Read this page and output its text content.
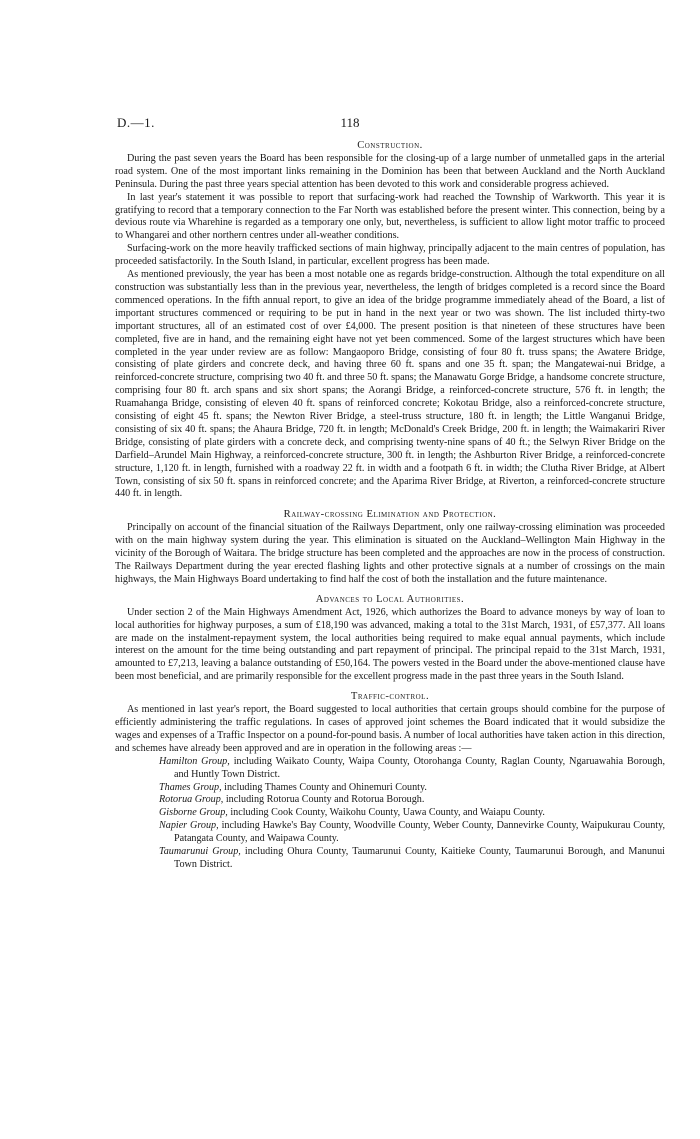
D.—1.	118
Construction.

During the past seven years the Board has been responsible for the closing-up of a large number of unmetalled gaps in the arterial road system. One of the most important links remaining in the Dominion has been that between Auckland and the North Auckland Peninsula. During the past three years special attention has been devoted to this work and considerable progress achieved.

In last year's statement it was possible to report that surfacing-work had reached the Township of Warkworth. This year it is gratifying to record that a temporary connection to the Far North was established before the present winter. This connection, being by a devious route via Wharehine is regarded as a temporary one only, but, nevertheless, is sufficient to allow light motor traffic to proceed to Whangarei and other northern centres under all-weather conditions.

Surfacing-work on the more heavily trafficked sections of main highway, principally adjacent to the main centres of population, has proceeded satisfactorily. In the South Island, in particular, excellent progress has been made.

As mentioned previously, the year has been a most notable one as regards bridge-construction. Although the total expenditure on all construction was substantially less than in the previous year, nevertheless, the length of bridges completed is a record since the Board commenced operations. In the fifth annual report, to give an idea of the bridge programme immediately ahead of the Board, a list of important structures commenced or requiring to be put in hand in the next year or two was shown. The list included thirty-two important structures, all of an estimated cost of over £4,000. The present position is that nineteen of these structures have been completed, five are in hand, and the remaining eight have not yet been commenced. Some of the largest structures which have been completed in the year under review are as follow: Mangaoporo Bridge, consisting of four 80 ft. truss spans; the Awatere Bridge, consisting of plate girders and concrete deck, and having three 60 ft. spans and one 35 ft. span; the Mangatewai-nui Bridge, a reinforced-concrete structure, comprising two 40 ft. and three 50 ft. spans; the Manawatu Gorge Bridge, a handsome concrete structure, comprising four 80 ft. arch spans and six short spans; the Aorangi Bridge, a reinforced-concrete structure, 576 ft. in length; the Ruamahanga Bridge, consisting of eleven 40 ft. spans of reinforced concrete; Kokotau Bridge, also a reinforced-concrete structure, consisting of eight 45 ft. spans; the Newton River Bridge, a steel-truss structure, 180 ft. in length; the Little Wanganui Bridge, consisting of six 40 ft. spans; the Ahaura Bridge, 720 ft. in length; McDonald's Creek Bridge, 200 ft. in length; the Waimakariri River Bridge, consisting of plate girders with a concrete deck, and comprising twenty-nine spans of 40 ft.; the Selwyn River Bridge on the Darfield–Arundel Main Highway, a reinforced-concrete structure, 300 ft. in length; the Ashburton River Bridge, a reinforced-concrete structure, 1,120 ft. in length, furnished with a roadway 22 ft. in width and a footpath 6 ft. in width; the Clutha River Bridge, at Albert Town, consisting of six 50 ft. spans in reinforced concrete; and the Aparima River Bridge, at Riverton, a reinforced-concrete structure 440 ft. in length.

Railway-crossing Elimination and Protection.

Principally on account of the financial situation of the Railways Department, only one railway-crossing elimination was proceeded with on the main highway system during the year. This elimination is situated on the Auckland–Wellington Main Highway in the vicinity of the Borough of Waitara. The bridge structure has been completed and the approaches are now in the process of construction. The Railways Department during the year erected flashing lights and other protective signals at a number of crossings on the main highways, the Main Highways Board undertaking to find half the cost of both the installation and the future maintenance.

Advances to Local Authorities.

Under section 2 of the Main Highways Amendment Act, 1926, which authorizes the Board to advance moneys by way of loan to local authorities for highway purposes, a sum of £18,190 was advanced, making a total to the 31st March, 1931, of £57,377. All loans are made on the instalment-repayment system, the local authorities being required to make equal annual payments, which include interest on the amount for the time being outstanding and part repayment of principal. The principal repaid to the 31st March, 1931, amounted to £7,213, leaving a balance outstanding of £50,164. The powers vested in the Board under the above-mentioned clause have been most beneficial, and are primarily responsible for the excellent progress made in the past three years in the South Island.

Traffic-control.

As mentioned in last year's report, the Board suggested to local authorities that certain groups should combine for the purpose of efficiently administering the traffic regulations. In cases of approved joint schemes the Board indicated that it would subsidize the wages and expenses of a Traffic Inspector on a pound-for-pound basis. A number of local authorities have taken action in this direction, and schemes have already been approved and are in operation in the following areas :—

Hamilton Group, including Waikato County, Waipa County, Otorohanga County, Raglan County, Ngaruawahia Borough, and Huntly Town District.
Thames Group, including Thames County and Ohinemuri County.
Rotorua Group, including Rotorua County and Rotorua Borough.
Gisborne Group, including Cook County, Waikohu County, Uawa County, and Waiapu County.
Napier Group, including Hawke's Bay County, Woodville County, Weber County, Dannevirke County, Waipukurau County, Patangata County, and Waipawa County.
Taumarunui Group, including Ohura County, Taumarunui County, Kaitieke County, Taumarunui Borough, and Manunui Town District.
